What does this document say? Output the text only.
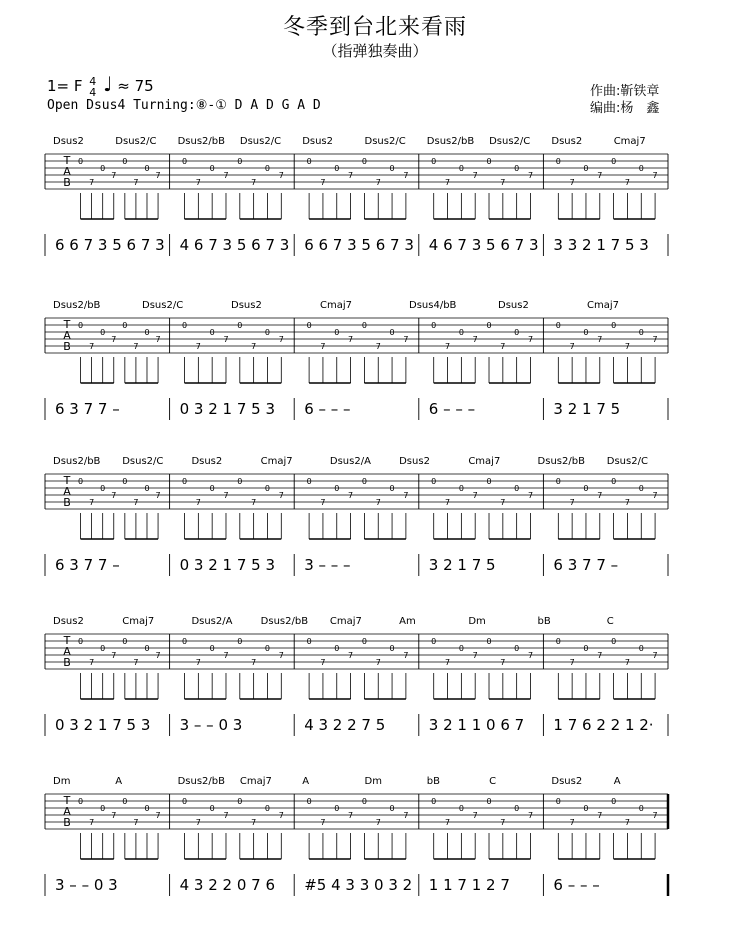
冬季到台北来看雨
（指弹独奏曲）
1= F 4
4 ♩ ≈ 75
Open Dsus4 Turning:⑧-① D A D G A D
作曲:靳铁章
编曲:杨　鑫
Dsus2	Dsus2/C Dsus2/bB Dsus2/C Dsus2	Dsus2/C Dsus2/bB Dsus2/C Dsus2	Cmaj7
T
A
B
0
7
0
7
0
7
0
7
0
7
0
7
0
7
0
7
0
7
0
7
0
7
0
7
0
7
0
7
0
7
0
7
0
7
0
7
0
7
0
7
6 6 7 3 5 6 7 3 4 6 7 3 5 6 7 3 6 6 7 3 5 6 7 3 4 6 7 3 5 6 7 3 3 3 2 1 7 5 3
Dsus2/bB	Dsus2/C	Dsus2	Cmaj7	Dsus4/bB	Dsus2	Cmaj7
T
A
B
0
7
0
7
0
7
0
7
0
7
0
7
0
7
0
7
0
7
0
7
0
7
0
7
0
7
0
7
0
7
0
7
0
7
0
7
0
7
0
7
6 3 7 7 –	0 3 2 1 7 5 3 6 – – –	6 – – –	3 2 1 7 5
Dsus2/bB Dsus2/C	Dsus2	Cmaj7	Dsus2/A	Dsus2	Cmaj7	Dsus2/bB Dsus2/C
T
A
B
0
7
0
7
0
7
0
7
0
7
0
7
0
7
0
7
0
7
0
7
0
7
0
7
0
7
0
7
0
7
0
7
0
7
0
7
0
7
0
7
6 3 7 7 –	0 3 2 1 7 5 3 3 – – –	3 2 1 7 5	6 3 7 7 –
Dsus2	Cmaj7	Dsus2/A	Dsus2/bB Cmaj7	Am	Dm	bB	C
T
A
B
0
7
0
7
0
7
0
7
0
7
0
7
0
7
0
7
0
7
0
7
0
7
0
7
0
7
0
7
0
7
0
7
0
7
0
7
0
7
0
7
0 3 2 1 7 5 3 3 – – 0 3	4 3 2 2 7 5	3 2 1 1 0 6 7 1 7 6 2 2 1 2·
Dm	A	Dsus2/bB Cmaj7	A	Dm	bB	C	Dsus2	A
T
A
B
0
7
0
7
0
7
0
7
0
7
0
7
0
7
0
7
0
7
0
7
0
7
0
7
0
7
0
7
0
7
0
7
0
7
0
7
0
7
0
7
3 – – 0 3	4 3 2 2 0 7 6 #5 4 3 3 0 3 2 1 1 7 1 2 7	6 – – –
